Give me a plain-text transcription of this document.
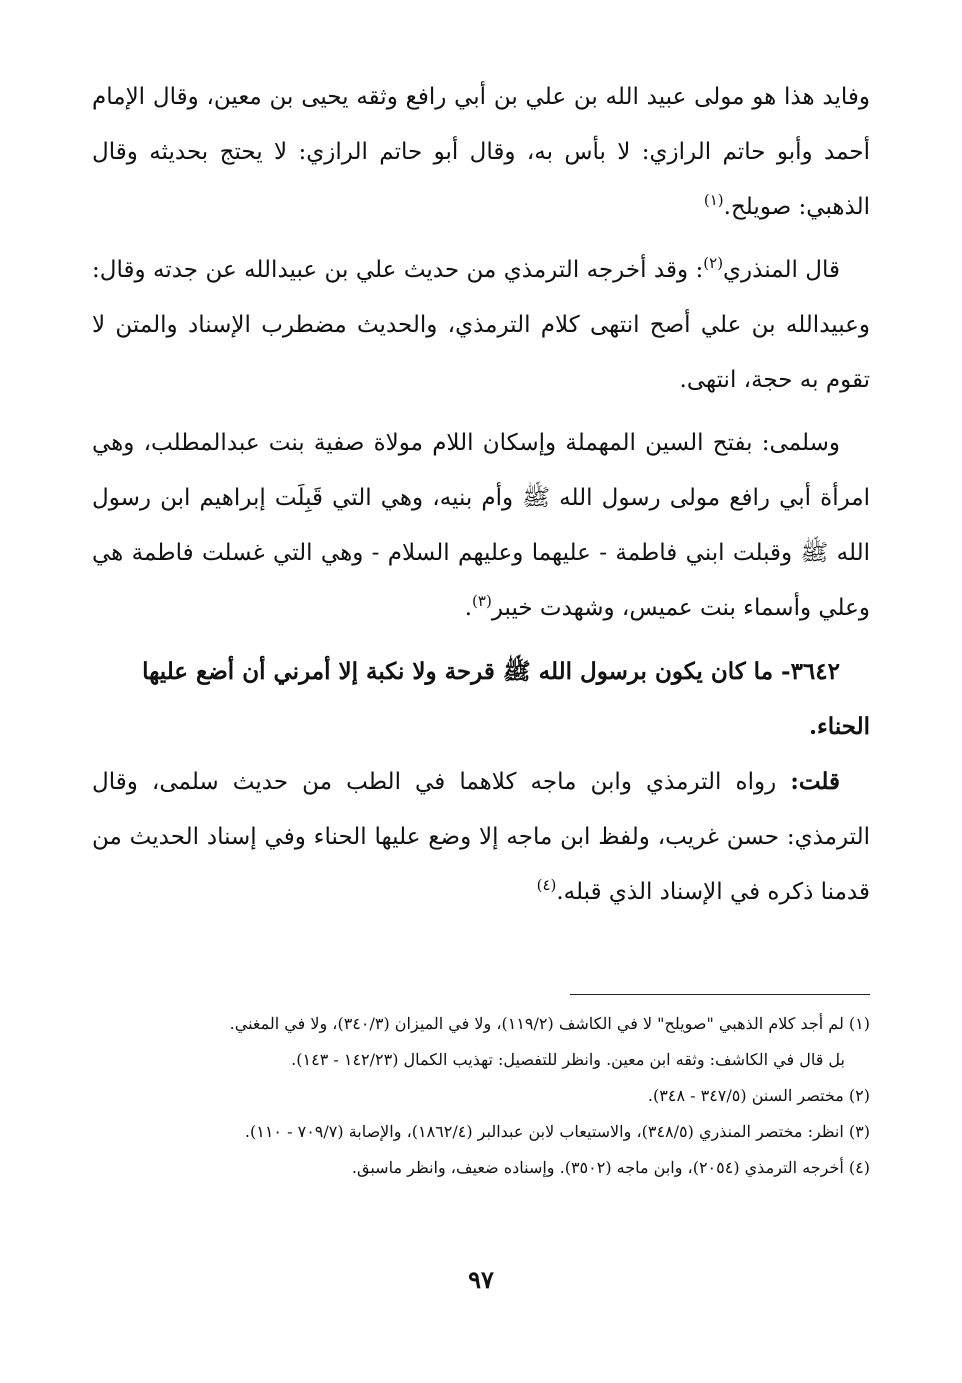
وفايد هذا هو مولى عبيد الله بن علي بن أبي رافع وثقه يحيى بن معين، وقال الإمام أحمد وأبو حاتم الرازي: لا بأس به، وقال أبو حاتم الرازي: لا يحتج بحديثه وقال الذهبي: صويلح.$^{(١)}$

قال المنذري$^{(٢)}$: وقد أخرجه الترمذي من حديث علي بن عبيدالله عن جدته وقال: وعبيدالله بن علي أصح انتهى كلام الترمذي، والحديث مضطرب الإسناد والمتن لا تقوم به حجة، انتهى.

وسلمى: بفتح السين المهملة وإسكان اللام مولاة صفية بنت عبدالمطلب، وهي امرأة أبي رافع مولى رسول الله ﷺ وأم بنيه، وهي التي قَبِلَت إبراهيم ابن رسول الله ﷺ وقبلت ابني فاطمة - عليهما وعليهم السلام - وهي التي غسلت فاطمة هي وعلي وأسماء بنت عميس، وشهدت خيبر$^{(٣)}$.

٣٦٤٢- ما كان يكون برسول الله ﷺ قرحة ولا نكبة إلا أمرني أن أضع عليها الحناء.

قلت: رواه الترمذي وابن ماجه كلاهما في الطب من حديث سلمى، وقال الترمذي: حسن غريب، ولفظ ابن ماجه إلا وضع عليها الحناء وفي إسناد الحديث من قدمنا ذكره في الإسناد الذي قبله.$^{(٤)}$

(١) لم أجد كلام الذهبي "صويلح" لا في الكاشف (١١٩/٢)، ولا في الميزان (٣٤٠/٣)، ولا في المغني.

بل قال في الكاشف: وثقه ابن معين. وانظر للتفصيل: تهذيب الكمال (١٤٢/٢٣ - ١٤٣).

(٢) مختصر السنن (٣٤٧/٥ - ٣٤٨).

(٣) انظر: مختصر المنذري (٣٤٨/٥)، والاستيعاب لابن عبدالبر (١٨٦٢/٤)، والإصابة (٧٠٩/٧ - ١١٠).

(٤) أخرجه الترمذي (٢٠٥٤)، وابن ماجه (٣٥٠٢). وإسناده ضعيف، وانظر ماسبق.

٩٧
